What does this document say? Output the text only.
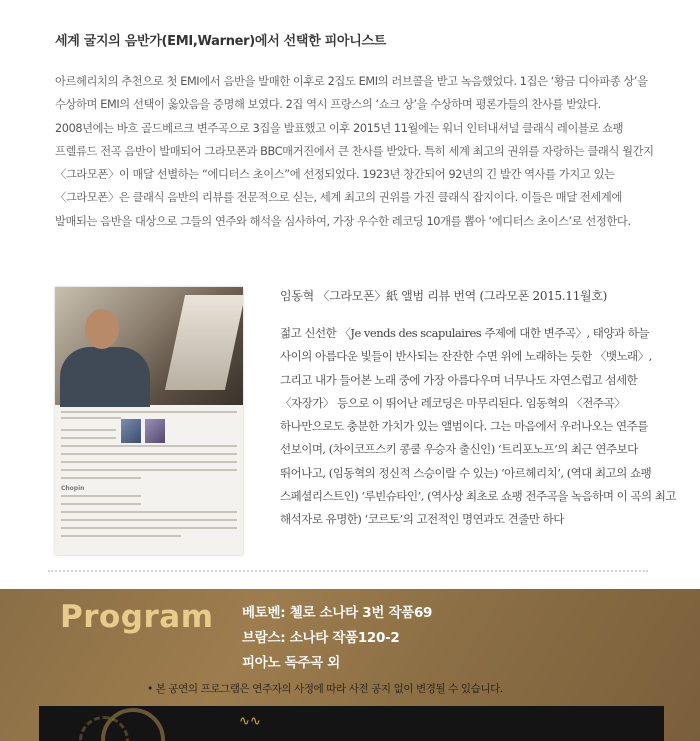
세계 굴지의 음반가(EMI,Warner)에서 선택한 피아니스트
아르헤리치의 추천으로 첫 EMI에서 음반을 발매한 이후로 2집도 EMI의 러브콜을 받고 녹음했었다. 1집은 ‘황금 디아파종 상’을 수상하며 EMI의 선택이 옳았음을 증명해 보였다. 2집 역시 프랑스의 ‘쇼크 상’을 수상하며 평론가들의 찬사를 받았다. 2008년에는 바흐 골드베르크 변주곡으로 3집을 발표했고 이후 2015년 11월에는 워너 인터내셔널 클래식 레이블로 쇼팽 프렐류드 전곡 음반이 발매되어 그라모폰과 BBC매거진에서 큰 찬사를 받았다. 특히 세계 최고의 권위를 자랑하는 클래식 월간지 〈그라모폰〉이 매달 선별하는 “에디터스 초이스”에 선정되었다. 1923년 창간되어 92년의 긴 발간 역사를 가지고 있는 〈그라모폰〉은 클래식 음반의 리뷰를 전문적으로 싣는, 세계 최고의 권위를 가진 클래식 잡지이다. 이들은 매달 전세계에 발매되는 음반을 대상으로 그들의 연주와 해석을 심사하여, 가장 우수한 레코딩 10개를 뽑아 ‘에디터스 초이스’로 선정한다.
Chopin
임동혁 〈그라모폰〉紙 앨범 리뷰 번역 (그라모폰 2015.11월호)
젊고 신선한 〈Je vends des scapulaires 주제에 대한 변주곡〉, 태양과 하늘 사이의 아름다운 빛들이 반사되는 잔잔한 수면 위에 노래하는 듯한 〈뱃노래〉, 그리고 내가 들어본 노래 중에 가장 아름다우며 너무나도 자연스럽고 섬세한 〈자장가〉 등으로 이 뛰어난 레코딩은 마무리된다. 임동혁의 〈전주곡〉 하나만으로도 충분한 가치가 있는 앨범이다. 그는 마음에서 우러나오는 연주를 선보이며, (차이코프스키 콩쿨 우승자 출신인) ‘트리포노프’의 최근 연주보다 뛰어나고, (임동혁의 정신적 스승이랄 수 있는) ‘아르헤리치’, (역대 최고의 쇼팽 스페셜리스트인) ‘루빈슈타인’, (역사상 최초로 쇼팽 전주곡을 녹음하며 이 곡의 최고 해석자로 유명한) ‘코르토’의 고전적인 명연과도 견줄만 하다
Program 베토벤: 첼로 소나타 3번 작품69
브람스: 소나타 작품120-2
피아노 독주곡 외
• 본 공연의 프로그램은 연주자의 사정에 따라 사전 공지 없이 변경될 수 있습니다.
∿∿
